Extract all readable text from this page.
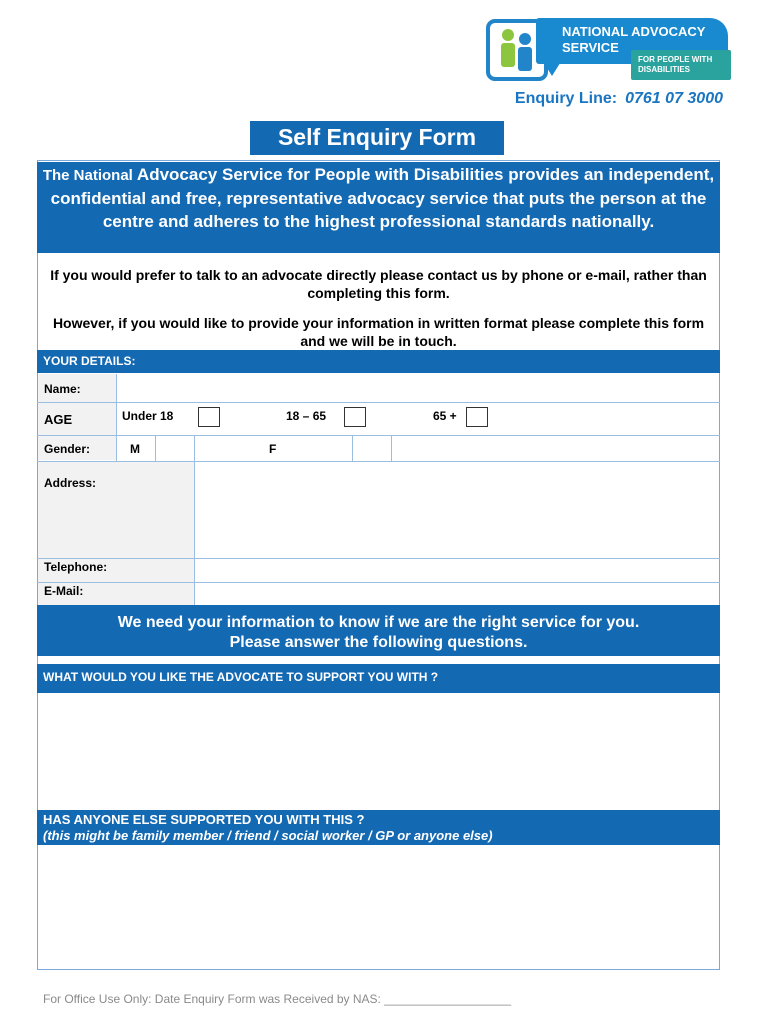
NATIONAL ADVOCACY
SERVICE
FOR PEOPLE WITH
DISABILITIES
Enquiry Line: 0761 07 3000
Self Enquiry Form
The National Advocacy Service for People with Disabilities provides an independent, confidential and free, representative advocacy service that puts the person at the centre and adheres to the highest professional standards nationally.
If you would prefer to talk to an advocate directly please contact us by phone or e-mail, rather than completing this form.
However, if you would like to provide your information in written format please complete this form and we will be in touch.
YOUR DETAILS:
Name:
AGE	Under 18	18 – 65	65 +
Gender:	M	F
Address:
Telephone:
E-Mail:
We need your information to know if we are the right service for you.
Please answer the following questions.
WHAT WOULD YOU LIKE THE ADVOCATE TO SUPPORT YOU WITH ?
HAS ANYONE ELSE SUPPORTED YOU WITH THIS ?
(this might be family member / friend / social worker / GP or anyone else)
For Office Use Only: Date Enquiry Form was Received by NAS: ___________________
